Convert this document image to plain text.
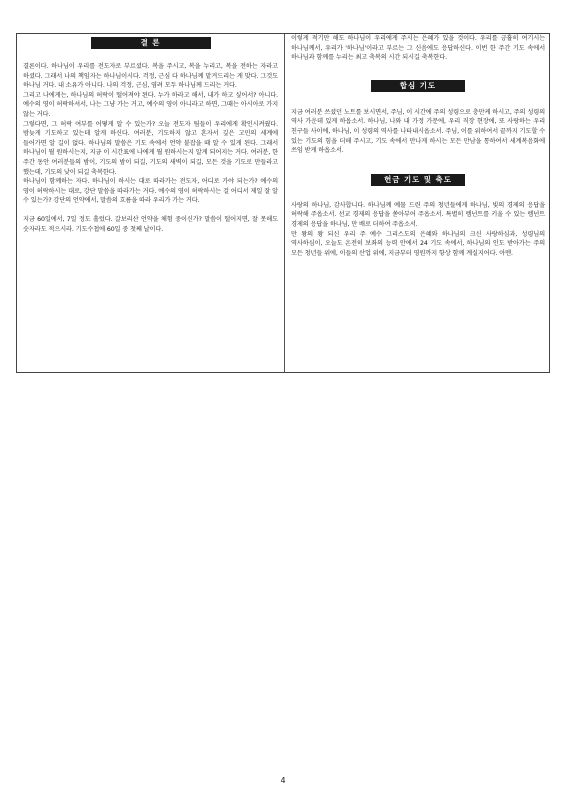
결 론

결론이다. 하나님이 우리를 전도자로 부르셨다. 복을 주시고, 복을 누리고, 복을 전하는 자라고 하셨다. 그래서 나의 책임자는 하나님이시다. 걱정, 근심 다 하나님께 맡겨드리는 게 맞다. 그것도 하나님 거다. 내 소유가 아니다. 나의 걱정, 근심, 염려 모두 하나님께 드리는 거다.

그리고 나에게는, 하나님의 허락이 떨어져야 된다. 누가 하라고 해서, 내가 하고 싶어서? 아니다. 예수의 영이 허락하셔서, 나는 그냥 가는 거고, 예수의 영이 아니라고 하면, 그때는 아시아로 가지 않는 거다.

그렇다면, 그 허락 여부를 어떻게 알 수 있는가? 오늘 전도자 팀들이 우리에게 확인시켜줬다. 밤늦게 기도하고 있는데 알게 하신다. 여러분, 기도하지 않고 혼자서 깊은 고민의 세계에 들어가면 알 길이 없다. 하나님의 말씀은 기도 속에서 언약 붙잡을 때 알 수 있게 된다. 그래서 하나님이 뭘 원하시는지, 지금 이 시간표에 나에게 뭘 원하시는지 알게 되어지는 거다. 여러분, 한 주간 동안 여러분들의 밤이, 기도의 밤이 되길, 기도의 새벽이 되길, 모든 것을 기도로 만들라고 했는데, 기도의 낮이 되길 축복한다.

하나님이 함께하는 자다. 하나님이 하시는 대로 따라가는 전도자, 어디로 가야 되는가? 예수의 영이 허락하시는 대로, 강단 말씀을 따라가는 거다. 예수의 영이 허락하시는 걸 어디서 제일 잘 알 수 있는가? 강단의 언약에서, 말씀의 흐름을 따라 우리가 가는 거다.

지금 60일에서, 7일 정도 흘렀다. 갈보리산 언약을 체험 중이신가? 말씀이 떨어지면, 잘 못해도 숫자라도 적으시라. 기도수첩에 60일 중 첫째 날이다.

이렇게 적기만 해도 하나님이 우리에게 주시는 은혜가 있을 것이다. 우리를 긍휼히 여기시는 하나님께서, 우리가 '하나님'이라고 부르는 그 신음에도 응답하신다. 이번 한 주간 기도 속에서 하나님과 함께를 누리는 최고 축복의 시간 되시길 축복한다.

합심 기도

지금 여러분 쓰셨던 노트를 보시면서, 주님, 이 시간에 주의 성령으로 충만케 하시고, 주의 성령의 역사 가운데 있게 하옵소서. 하나님, 나와 내 가정 가문에, 우리 직장 현장에, 또 사랑하는 우리 친구들 사이에, 하나님, 이 성령의 역사를 나타내시옵소서. 주님, 이를 위하여서 끝까지 기도할 수 있는 기도의 힘을 더해 주시고, 기도 속에서 만나게 하시는 모든 만남을 통하여서 세계복음화에 쓰임 받게 하옵소서.

헌금 기도 및 축도

사랑의 하나님, 감사합니다. 하나님께 예물 드린 주의 청년들에게 하나님, 빛의 경제의 응답을 허락해 주옵소서. 선교 경제의 응답을 쏟아부어 주옵소서. 특별히 렘넌트를 키울 수 있는 렘넌트 경제의 응답을 하나님, 만 배로 더하여 주옵소서.

만 왕의 왕 되신 우리 주 예수 그리스도의 은혜와 하나님의 크신 사랑하심과, 성령님의 역사하심이, 오늘도 온전히 보좌의 능력 안에서 24 기도 속에서, 하나님의 인도 받아가는 주의 모든 청년들 위에, 이들의 산업 위에, 지금부터 영원까지 항상 함께 계실지어다. 아멘.

4
